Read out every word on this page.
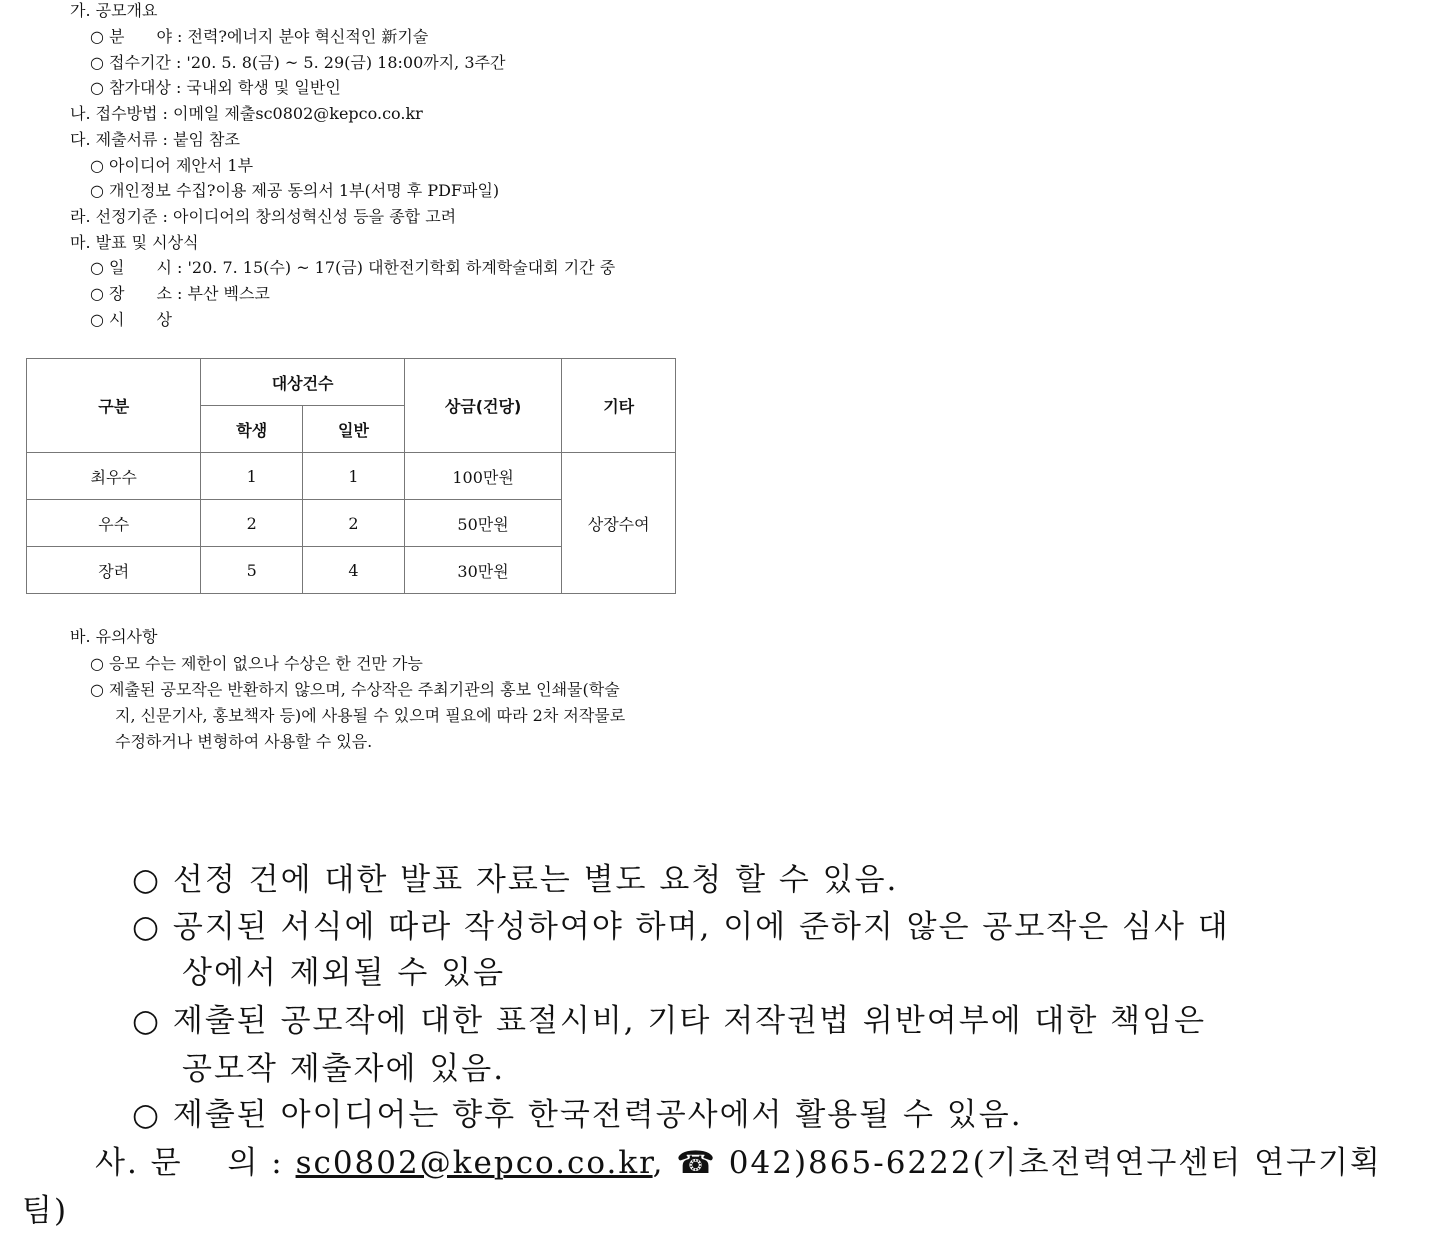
가. 공모개요
○ 분　　야 : 전력?에너지 분야 혁신적인 新기술
○ 접수기간 : '20. 5. 8(금) ~ 5. 29(금) 18:00까지, 3주간
○ 참가대상 : 국내외 학생 및 일반인
나. 접수방법 : 이메일 제출sc0802@kepco.co.kr
다. 제출서류 : 붙임 참조
○ 아이디어 제안서 1부
○ 개인정보 수집?이용 제공 동의서 1부(서명 후 PDF파일)
라. 선정기준 : 아이디어의 창의성혁신성 등을 종합 고려
마. 발표 및 시상식
○ 일　　시 : '20. 7. 15(수) ~ 17(금) 대한전기학회 하계학술대회 기간 중
○ 장　　소 : 부산 벡스코
○ 시　　상
구분	대상건수		상금(건당)	기타
	학생	일반		
최우수	1	1	100만원	상장수여
우수	2	2	50만원	
장려	5	4	30만원	
바. 유의사항
○ 응모 수는 제한이 없으나 수상은 한 건만 가능
○ 제출된 공모작은 반환하지 않으며, 수상작은 주최기관의 홍보 인쇄물(학술
지, 신문기사, 홍보책자 등)에 사용될 수 있으며 필요에 따라 2차 저작물로
수정하거나 변형하여 사용할 수 있음.
○ 선정 건에 대한 발표 자료는 별도 요청 할 수 있음.
○ 공지된 서식에 따라 작성하여야 하며, 이에 준하지 않은 공모작은 심사 대
상에서 제외될 수 있음
○ 제출된 공모작에 대한 표절시비, 기타 저작권법 위반여부에 대한 책임은
공모작 제출자에 있음.
○ 제출된 아이디어는 향후 한국전력공사에서 활용될 수 있음.
사. 문　 의 : sc0802@kepco.co.kr, ☎ 042)865-6222(기초전력연구센터 연구기획
팀)
